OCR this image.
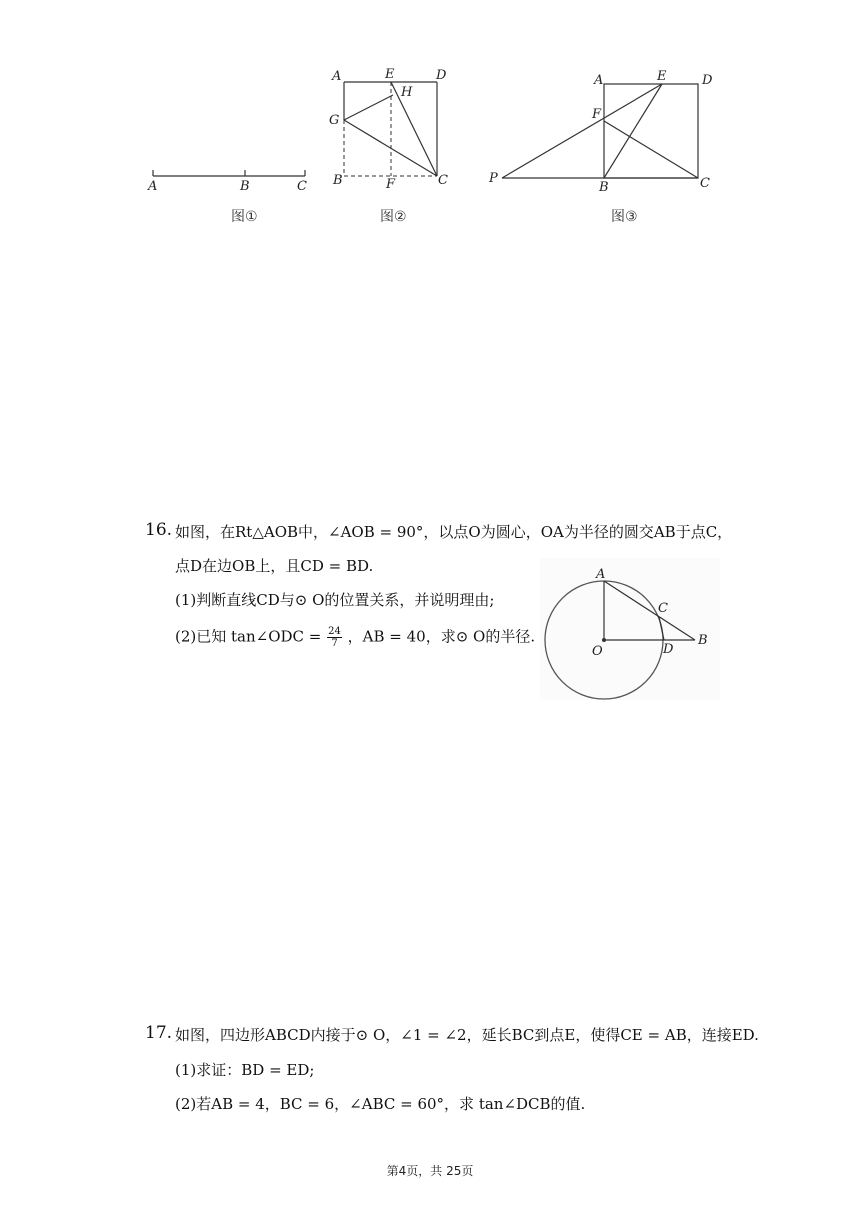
A	B	C
图①
A	E	D
H
G
B	F	C
图②
A	E	D
F
P
B	C
图③
16. 如图，在Rt△AOB中，∠AOB = 90°，以点O为圆心，OA为半径的圆交AB于点C，
点D在边OB上，且CD = BD.
(1)判断直线CD与⊙ O的位置关系，并说明理由;
(2)已知 tan∠ODC = $\frac{24}{7}$ ，AB = 40，求⊙ O的半径.
A
C
O	D
B
17. 如图，四边形ABCD内接于⊙ O，∠1 = ∠2，延长BC到点E，使得CE = AB，连接ED.
(1)求证：BD = ED;
(2)若AB = 4，BC = 6，∠ABC = 60°，求 tan∠DCB的值.
第4页，共 25页
